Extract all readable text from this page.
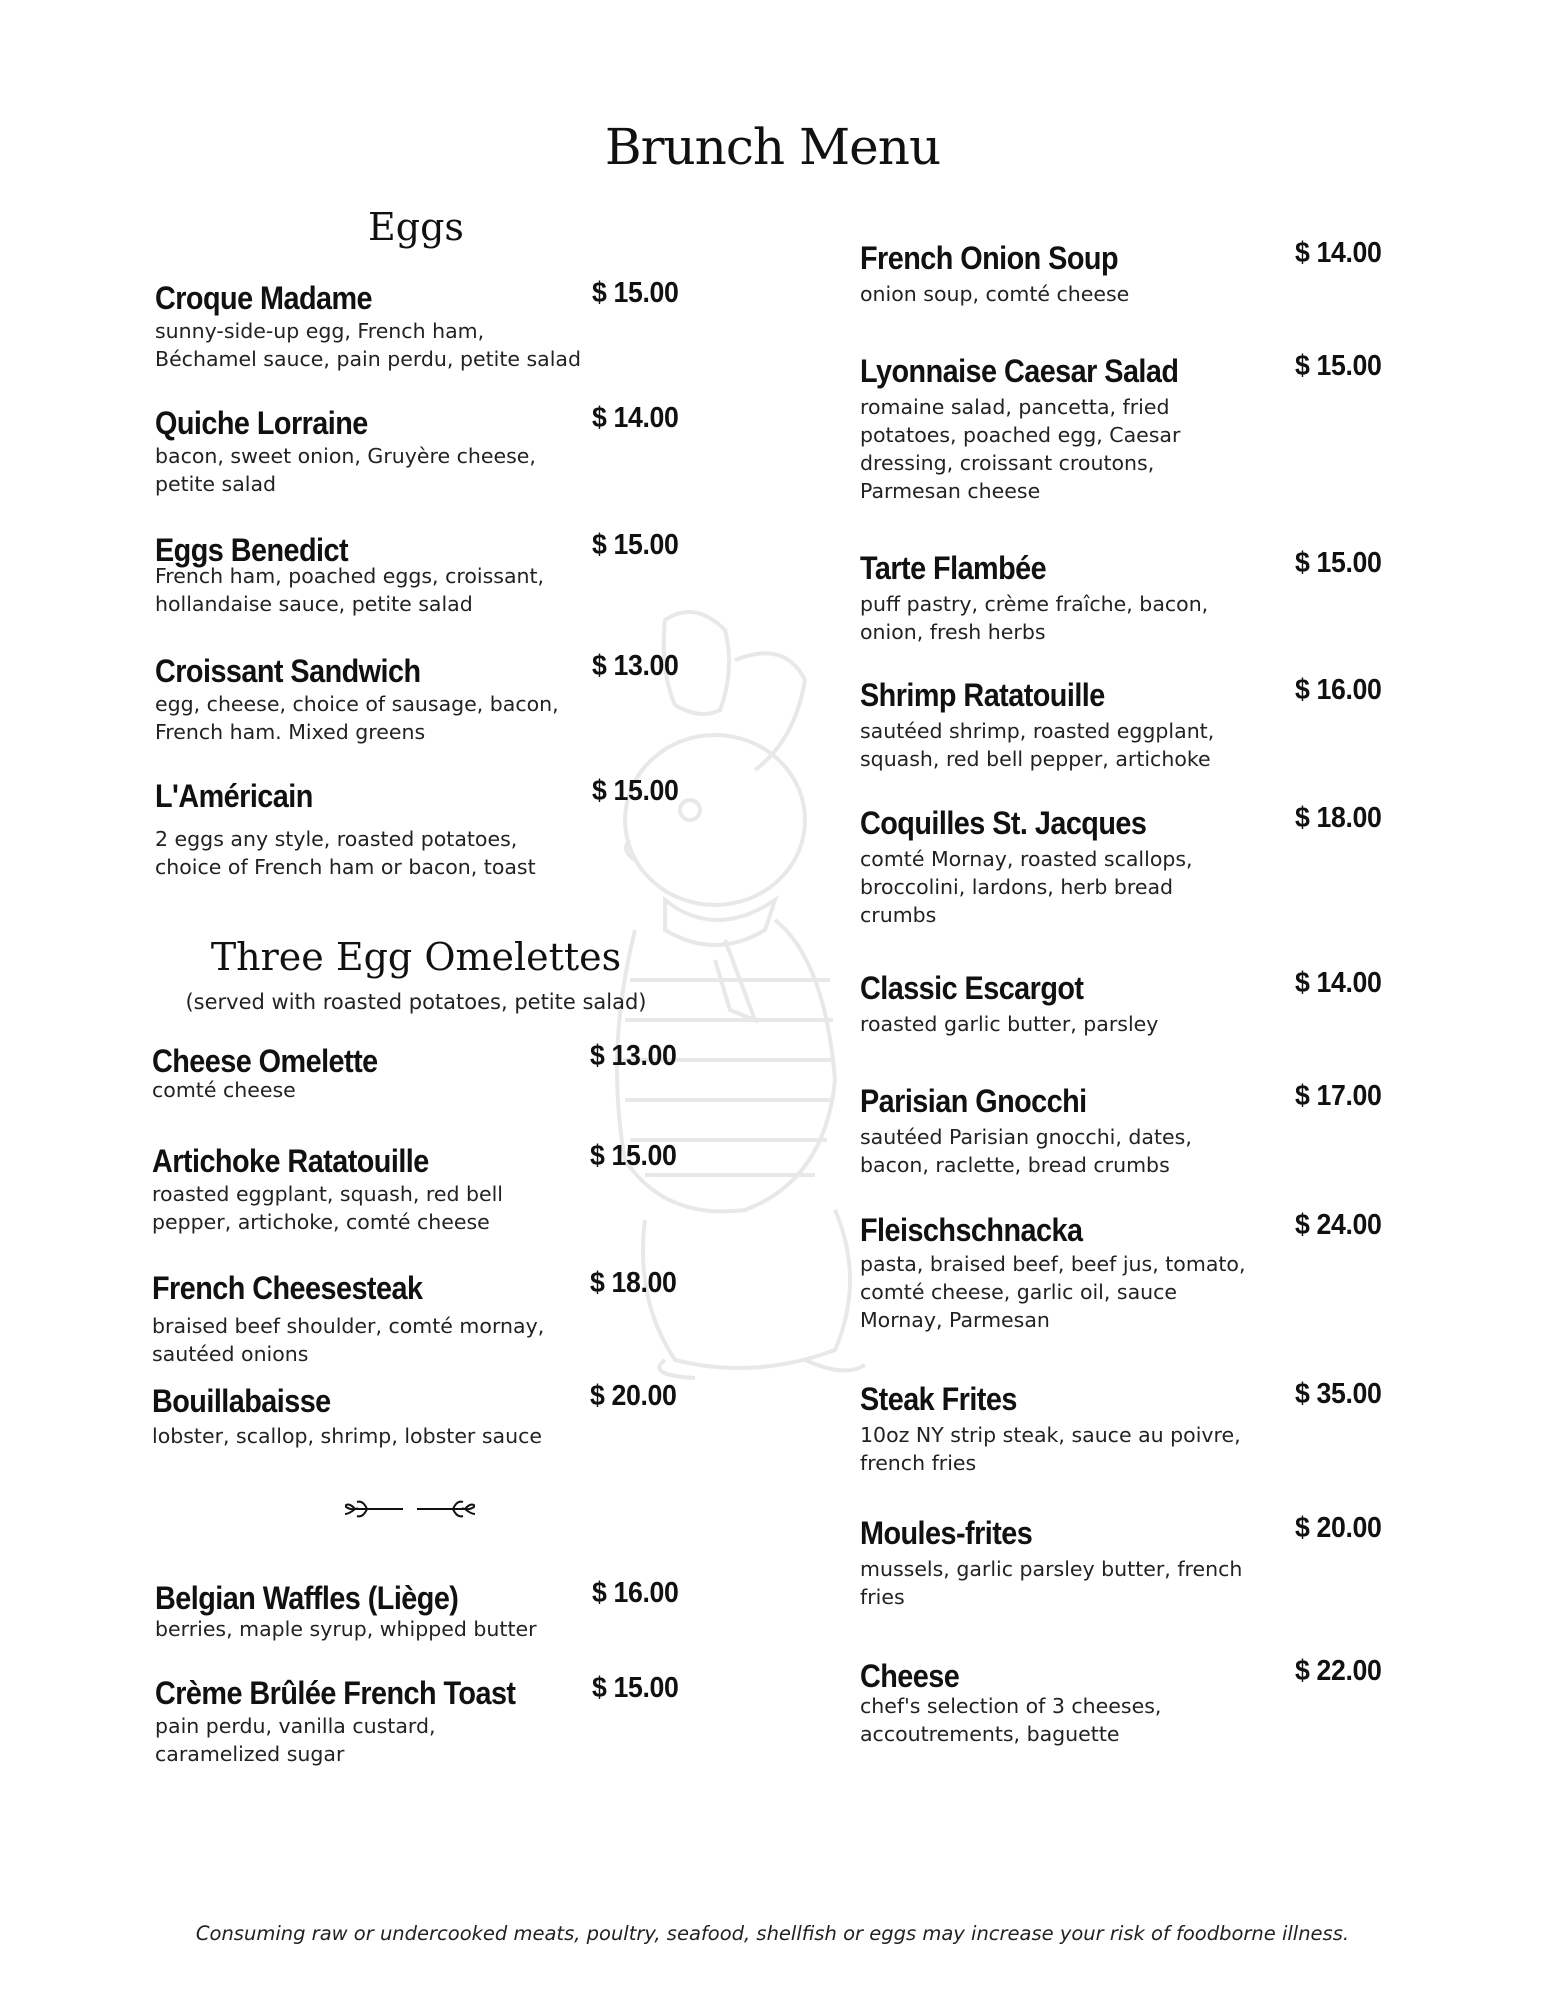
Brunch Menu
Eggs
Croque Madame	$ 15.00
sunny-side-up egg, French ham,
Béchamel sauce, pain perdu, petite salad
Quiche Lorraine	$ 14.00
bacon, sweet onion, Gruyère cheese,
petite salad
Eggs Benedict	$ 15.00
French ham, poached eggs, croissant,
hollandaise sauce, petite salad
Croissant Sandwich	$ 13.00
egg, cheese, choice of sausage, bacon,
French ham. Mixed greens
L'Américain	$ 15.00
2 eggs any style, roasted potatoes,
choice of French ham or bacon, toast
Three Egg Omelettes
(served with roasted potatoes, petite salad)
Cheese Omelette	$ 13.00
comté cheese
Artichoke Ratatouille	$ 15.00
roasted eggplant, squash, red bell
pepper, artichoke, comté cheese
French Cheesesteak	$ 18.00
braised beef shoulder, comté mornay,
sautéed onions
Bouillabaisse	$ 20.00
lobster, scallop, shrimp, lobster sauce
Belgian Waffles (Liège)	$ 16.00
berries, maple syrup, whipped butter
Crème Brûlée French Toast	$ 15.00
pain perdu, vanilla custard,
caramelized sugar
French Onion Soup	$ 14.00
onion soup, comté cheese
Lyonnaise Caesar Salad	$ 15.00
romaine salad, pancetta, fried
potatoes, poached egg, Caesar
dressing, croissant croutons,
Parmesan cheese
Tarte Flambée	$ 15.00
puff pastry, crème fraîche, bacon,
onion, fresh herbs
Shrimp Ratatouille	$ 16.00
sautéed shrimp, roasted eggplant,
squash, red bell pepper, artichoke
Coquilles St. Jacques	$ 18.00
comté Mornay, roasted scallops,
broccolini, lardons, herb bread
crumbs
Classic Escargot	$ 14.00
roasted garlic butter, parsley
Parisian Gnocchi	$ 17.00
sautéed Parisian gnocchi, dates,
bacon, raclette, bread crumbs
Fleischschnacka	$ 24.00
pasta, braised beef, beef jus, tomato,
comté cheese, garlic oil, sauce
Mornay, Parmesan
Steak Frites	$ 35.00
10oz NY strip steak, sauce au poivre,
french fries
Moules-frites	$ 20.00
mussels, garlic parsley butter, french
fries
Cheese	$ 22.00
chef's selection of 3 cheeses,
accoutrements, baguette
Consuming raw or undercooked meats, poultry, seafood, shellfish or eggs may increase your risk of foodborne illness.
